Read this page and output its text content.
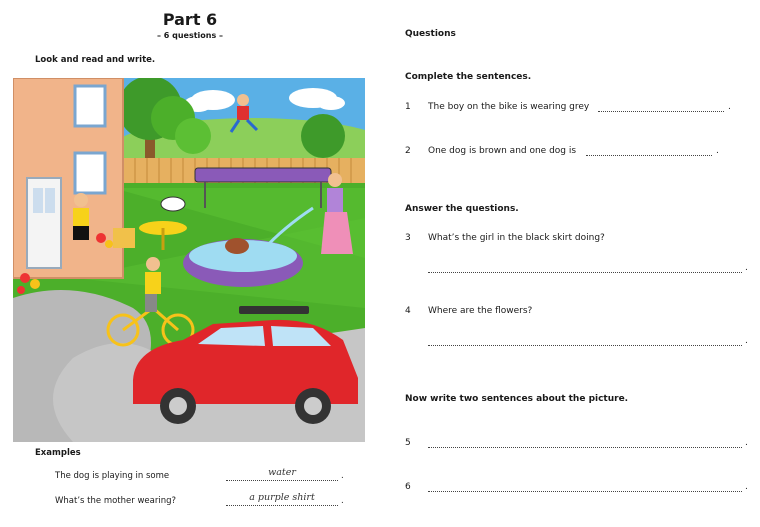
Part 6
– 6 questions –
Look and read and write.
Examples
The dog is playing in some	water	.
What’s the mother wearing?	a purple shirt	.
Questions
Complete the sentences.
1 The boy on the bike is wearing grey	.
2 One dog is brown and one dog is	.
Answer the questions.
3 What’s the girl in the black skirt doing?
.
4 Where are the flowers?
.
Now write two sentences about the picture.
5	.
6	.
